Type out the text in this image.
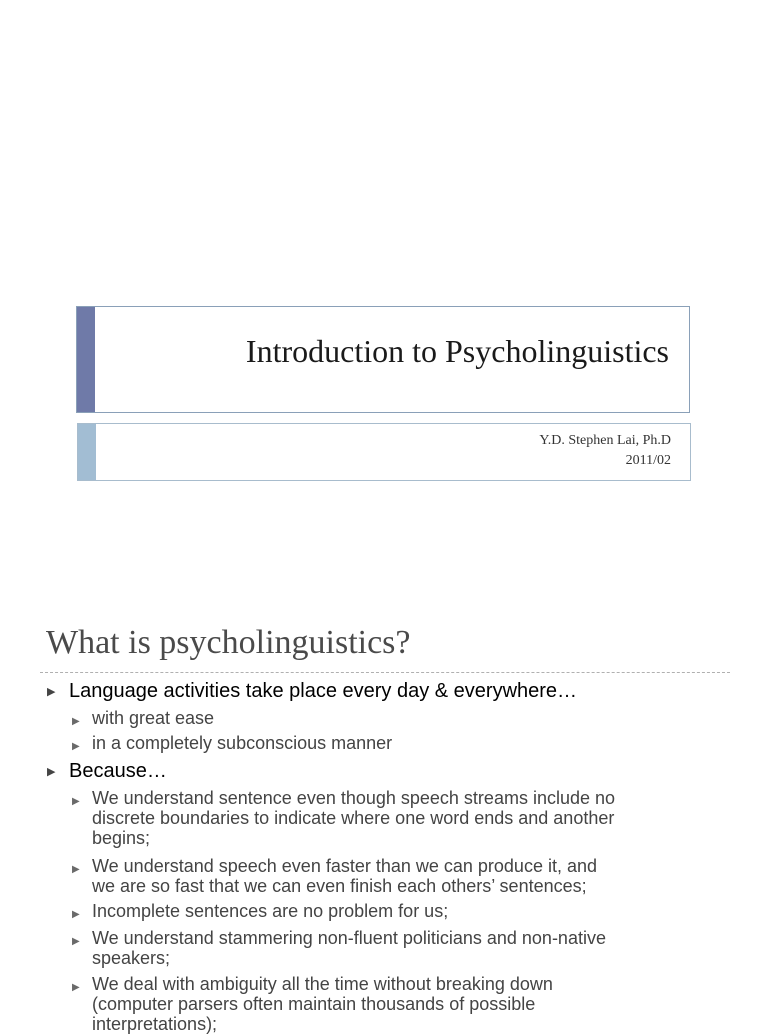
Introduction to Psycholinguistics
Y.D. Stephen Lai, Ph.D
2011/02
What is psycholinguistics?
▶ Language activities take place every day & everywhere…
▶ with great ease
▶ in a completely subconscious manner
▶ Because…
▶ We understand sentence even though speech streams include no
discrete boundaries to indicate where one word ends and another
begins;
▶ We understand speech even faster than we can produce it, and
we are so fast that we can even finish each others’ sentences;
▶ Incomplete sentences are no problem for us;
▶ We understand stammering non-fluent politicians and non-native
speakers;
▶ We deal with ambiguity all the time without breaking down
(computer parsers often maintain thousands of possible
interpretations);
